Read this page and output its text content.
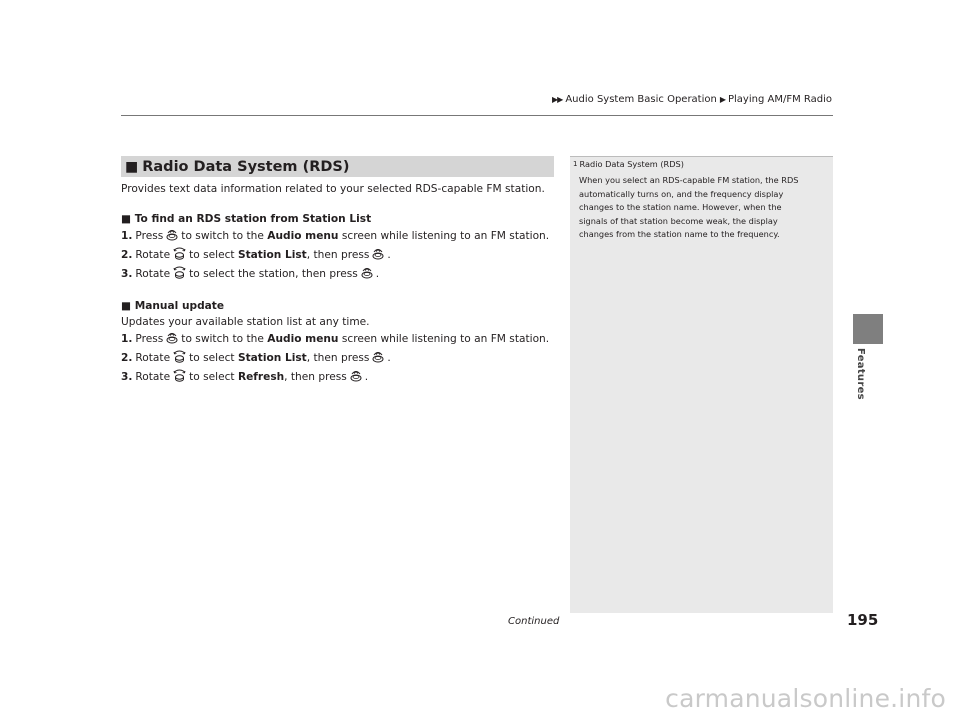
▶▶ Audio System Basic Operation ▶ Playing AM/FM Radio
Features
■ Radio Data System (RDS)

Provides text data information related to your selected RDS-capable FM station.

■ To find an RDS station from Station List

1. Press to switch to the Audio menu screen while listening to an FM station.

2. Rotate to select Station List, then press .

3. Rotate to select the station, then press .

■ Manual update

Updates your available station list at any time.

1. Press to switch to the Audio menu screen while listening to an FM station.

2. Rotate to select Station List, then press .

3. Rotate to select Refresh, then press .

1 Radio Data System (RDS)
When you select an RDS-capable FM station, the RDS
automatically turns on, and the frequency display
changes to the station name. However, when the
signals of that station become weak, the display
changes from the station name to the frequency.
Continued	195
carmanualsonline.info
